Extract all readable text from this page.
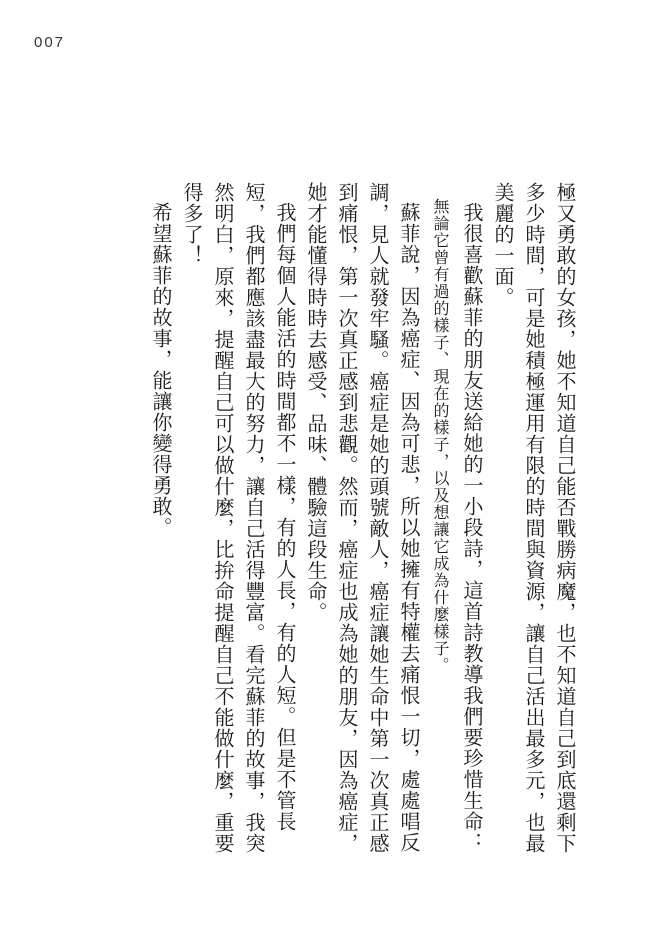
007

極又勇敢的女孩，她不知道自己能否戰勝病魔，也不知道自己到底還剩下多少時間，可是她積極運用有限的時間與資源，讓自己活出最多元，也最美麗的一面。

我很喜歡蘇菲的朋友送給她的一小段詩，這首詩教導我們要珍惜生命：無論它曾有過的樣子、現在的樣子，以及想讓它成為什麼樣子。

蘇菲說，因為癌症、因為可悲，所以她擁有特權去痛恨一切，處處唱反調，見人就發牢騷。癌症是她的頭號敵人，癌症讓她生命中第一次真正感到痛恨，第一次真正感到悲觀。然而，癌症也成為她的朋友，因為癌症，她才能懂得時時去感受、品味、體驗這段生命。

我們每個人能活的時間都不一樣，有的人長，有的人短。但是不管長短，我們都應該盡最大的努力，讓自己活得豐富。看完蘇菲的故事，我突然明白，原來，提醒自己可以做什麼，比拚命提醒自己不能做什麼，重要得多了！

希望蘇菲的故事，能讓你變得勇敢。
